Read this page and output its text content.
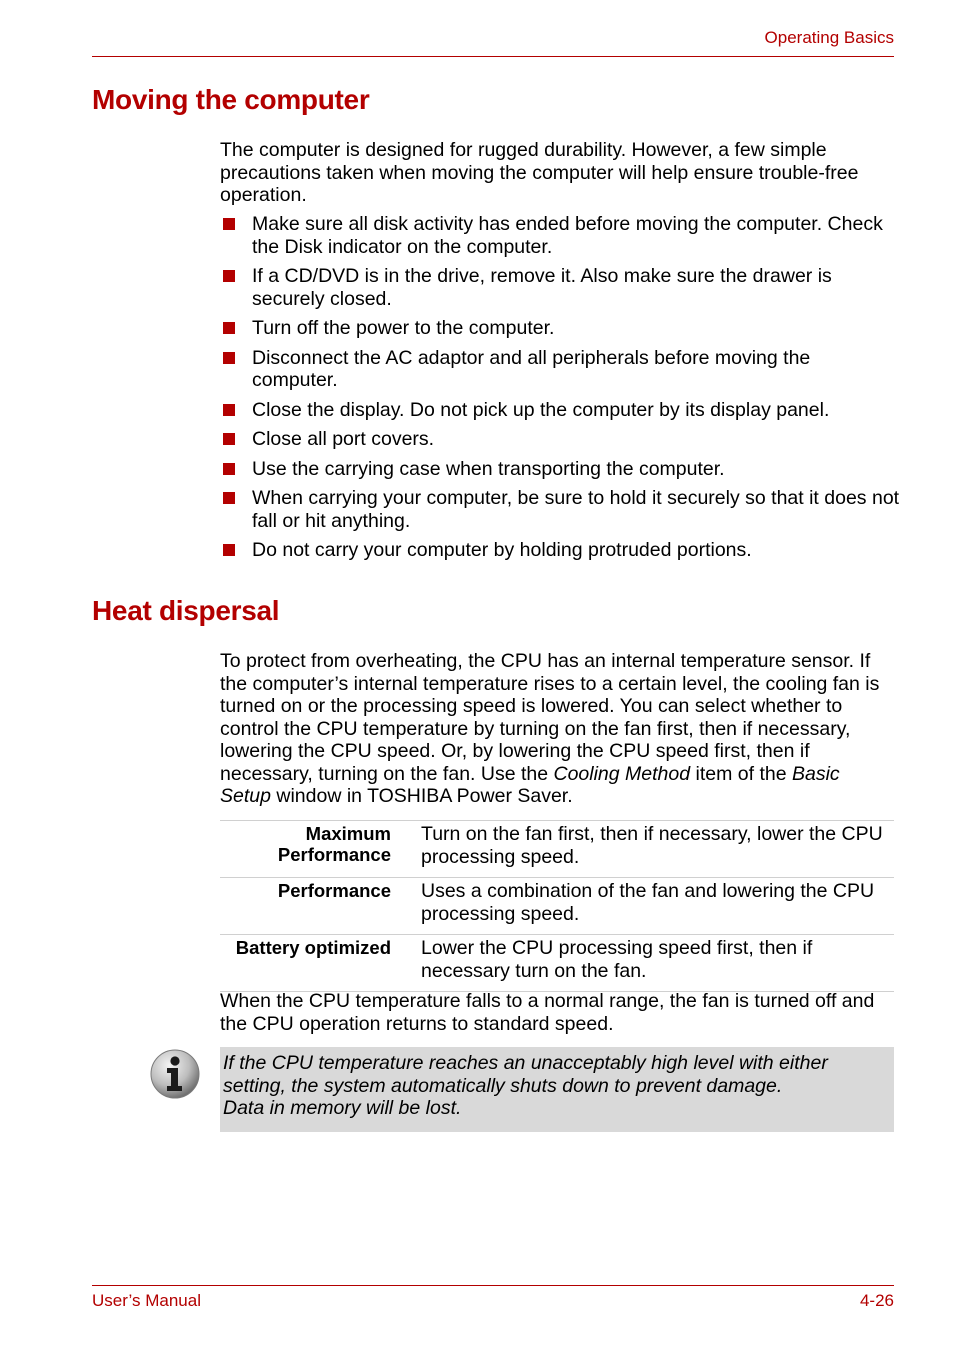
Operating Basics
Moving the computer
The computer is designed for rugged durability. However, a few simple precautions taken when moving the computer will help ensure trouble-free operation.
Make sure all disk activity has ended before moving the computer. Check the Disk indicator on the computer.
If a CD/DVD is in the drive, remove it. Also make sure the drawer is securely closed.
Turn off the power to the computer.
Disconnect the AC adaptor and all peripherals before moving the computer.
Close the display. Do not pick up the computer by its display panel.
Close all port covers.
Use the carrying case when transporting the computer.
When carrying your computer, be sure to hold it securely so that it does not fall or hit anything.
Do not carry your computer by holding protruded portions.
Heat dispersal
To protect from overheating, the CPU has an internal temperature sensor. If the computer’s internal temperature rises to a certain level, the cooling fan is turned on or the processing speed is lowered. You can select whether to control the CPU temperature by turning on the fan first, then if necessary, lowering the CPU speed. Or, by lowering the CPU speed first, then if necessary, turning on the fan. Use the Cooling Method item of the Basic Setup window in TOSHIBA Power Saver.
Maximum Performance	Turn on the fan first, then if necessary, lower the CPU processing speed.
Performance	Uses a combination of the fan and lowering the CPU processing speed.
Battery optimized	Lower the CPU processing speed first, then if necessary turn on the fan.
When the CPU temperature falls to a normal range, the fan is turned off and the CPU operation returns to standard speed.
If the CPU temperature reaches an unacceptably high level with either setting, the system automatically shuts down to prevent damage.
Data in memory will be lost.
User’s Manual	4-26
